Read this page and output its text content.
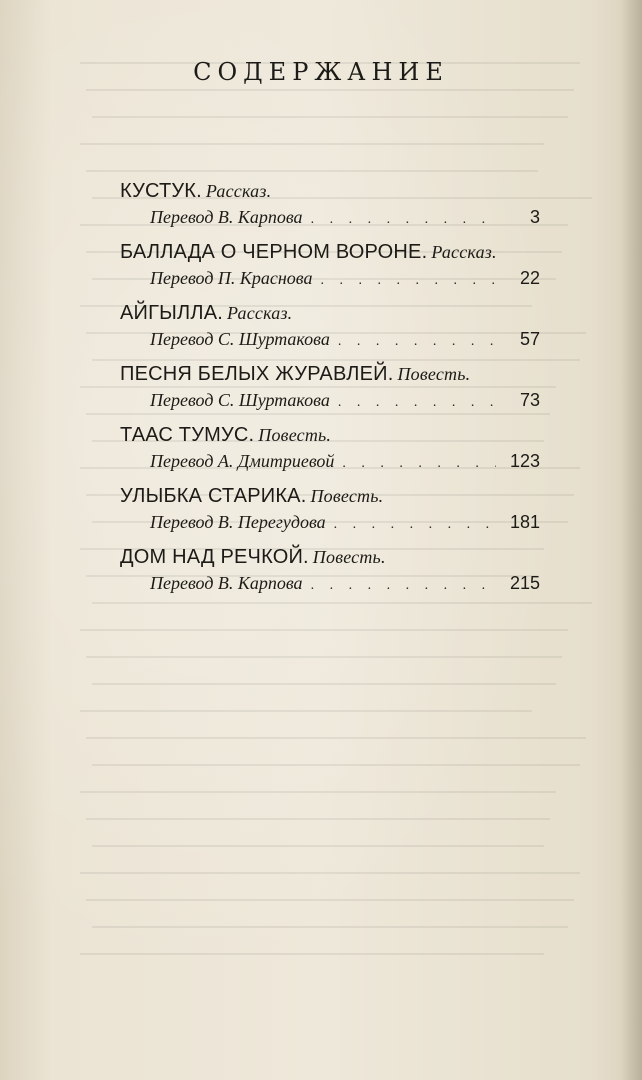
СОДЕРЖАНИЕ
КУСТУК. Рассказ.
Перевод В. Карпова . . .	3
БАЛЛАДА О ЧЕРНОМ ВОРОНЕ. Рассказ.
Перевод П. Краснова . . .	22
АЙГЫЛЛА. Рассказ.
Перевод С. Шуртакова . . .	57
ПЕСНЯ БЕЛЫХ ЖУРАВЛЕЙ. Повесть.
Перевод С. Шуртакова . . .	73
ТААС ТУМУС. Повесть.
Перевод А. Дмитриевой . . .	123
УЛЫБКА СТАРИКА. Повесть.
Перевод В. Перегудова . . .	181
ДОМ НАД РЕЧКОЙ. Повесть.
Перевод В. Карпова . . .	215
